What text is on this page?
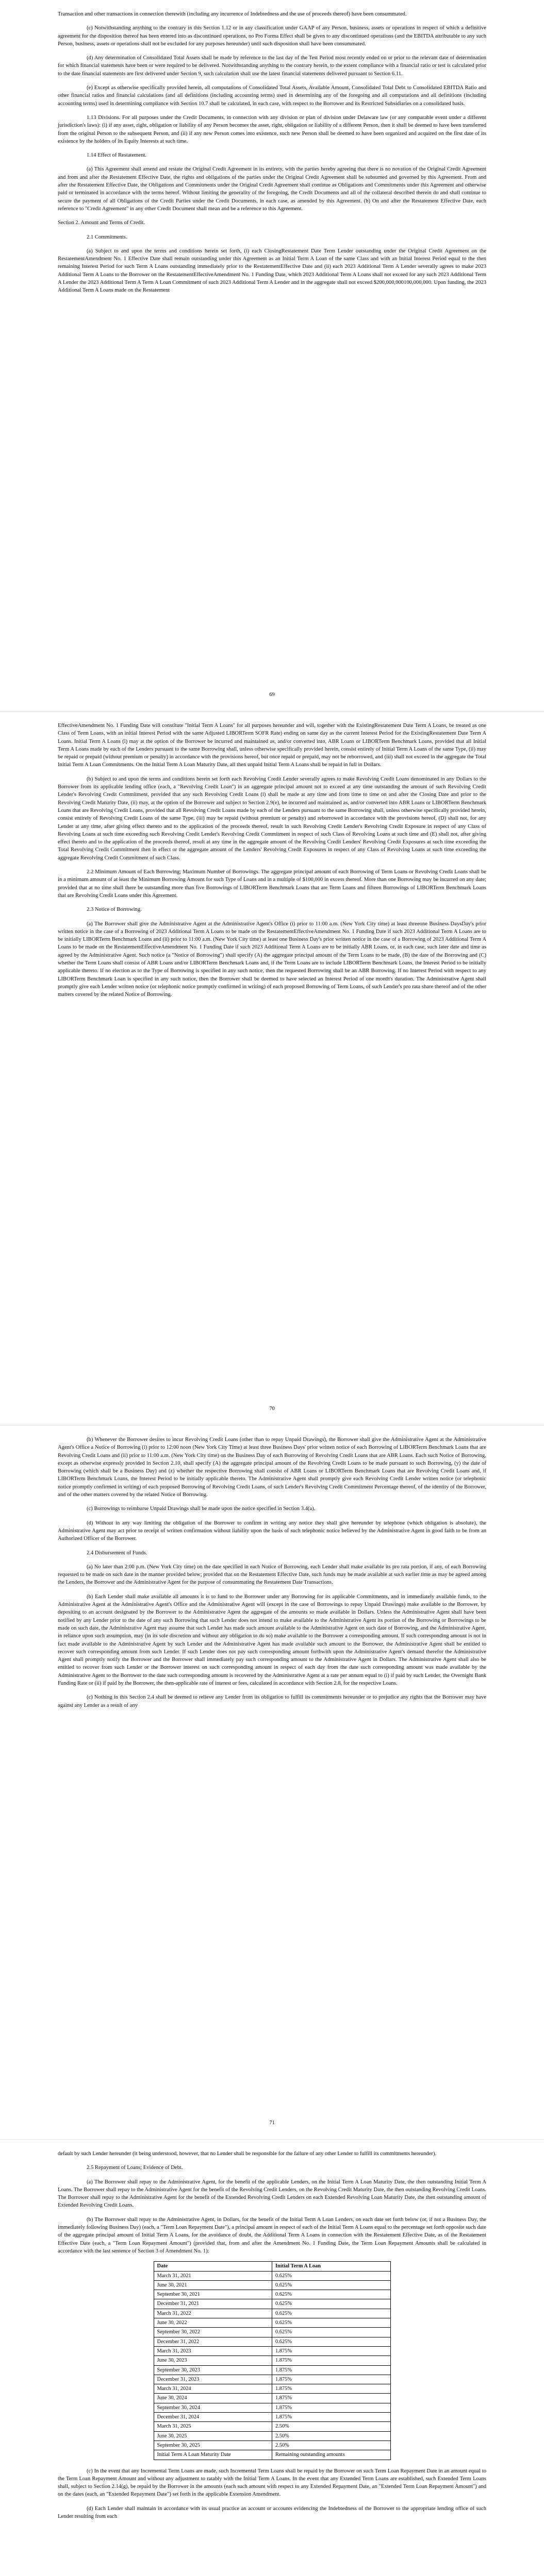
Transaction and other transactions in connection therewith (including any incurrence of Indebtedness and the use of proceeds thereof) have been consummated.

(c) Notwithstanding anything to the contrary in this Section 1.12 or in any classification under GAAP of any Person, business, assets or operations in respect of which a definitive agreement for the disposition thereof has been entered into as discontinued operations, no Pro Forma Effect shall be given to any discontinued operations (and the EBITDA attributable to any such Person, business, assets or operations shall not be excluded for any purposes hereunder) until such disposition shall have been consummated.

(d) Any determination of Consolidated Total Assets shall be made by reference to the last day of the Test Period most recently ended on or prior to the relevant date of determination for which financial statements have been or were required to be delivered. Notwithstanding anything to the contrary herein, to the extent compliance with a financial ratio or test is calculated prior to the date financial statements are first delivered under Section 9, such calculation shall use the latest financial statements delivered pursuant to Section 6.11.

(e) Except as otherwise specifically provided herein, all computations of Consolidated Total Assets, Available Amount, Consolidated Total Debt to Consolidated EBITDA Ratio and other financial ratios and financial calculations (and all definitions (including accounting terms) used in determining any of the foregoing and all computations and all definitions (including accounting terms) used in determining compliance with Section 10.7 shall be calculated, in each case, with respect to the Borrower and its Restricted Subsidiaries on a consolidated basis.

1.13 Divisions. For all purposes under the Credit Documents, in connection with any division or plan of division under Delaware law (or any comparable event under a different jurisdiction's laws): (i) if any asset, right, obligation or liability of any Person becomes the asset, right, obligation or liability of a different Person, then it shall be deemed to have been transferred from the original Person to the subsequent Person, and (ii) if any new Person comes into existence, such new Person shall be deemed to have been organized and acquired on the first date of its existence by the holders of its Equity Interests at such time.

1.14 Effect of Restatement.

(a) This Agreement shall amend and restate the Original Credit Agreement in its entirety, with the parties hereby agreeing that there is no novation of the Original Credit Agreement and from and after the Restatement Effective Date, the rights and obligations of the parties under the Original Credit Agreement shall be subsumed and governed by this Agreement. From and after the Restatement Effective Date, the Obligations and Commitments under the Original Credit Agreement shall continue as Obligations and Commitments under this Agreement and otherwise paid or terminated in accordance with the terms hereof. Without limiting the generality of the foregoing, the Credit Documents and all of the collateral described therein do and shall continue to secure the payment of all Obligations of the Credit Parties under the Credit Documents, in each case, as amended by this Agreement. (b) On and after the Restatement Effective Date, each reference to "Credit Agreement" in any other Credit Document shall mean and be a reference to this Agreement.

Section 2. Amount and Terms of Credit.

2.1 Commitments.

(a) Subject to and upon the terms and conditions herein set forth, (i) each ClosingRestatement Date Term Lender outstanding under the Original Credit Agreement on the RestatementAmendment No. 1 Effective Date shall remain outstanding under this Agreement as an Initial Term A Loan of the same Class and with an Initial Interest Period equal to the then remaining Interest Period for such Term A Loans outstanding immediately prior to the RestatementEffective Date and (ii) each 2023 Additional Term A Lender severally agrees to make 2023 Additional Term A Loans to the Borrower on the RestatementEffectiveAmendment No. 1 Funding Date, which 2023 Additional Term A Loans shall not exceed for any such 2023 Additional Term A Lender the 2023 Additional Term A Term A Loan Commitment of such 2023 Additional Term A Lender and in the aggregate shall not exceed $200,000,000100,000,000. Upon funding, the 2023 Additional Term A Loans made on the Restatement

69

EffectiveAmendment No. 1 Funding Date will constitute "Initial Term A Loans" for all purposes hereunder and will, together with the ExistingRestatement Date Term A Loans, be treated as one Class of Term Loans, with an initial Interest Period with the same Adjusted LIBORTerm SOFR Rate) ending on same day as the current Interest Period for the ExistingRestatement Date Term A Loans. Initial Term A Loans (i) may at the option of the Borrower be incurred and maintained as, and/or converted into, ABR Loans or LIBORTerm Benchmark Loans, provided that all Initial Term A Loans made by each of the Lenders pursuant to the same Borrowing shall, unless otherwise specifically provided herein, consist entirely of Initial Term A Loans of the same Type, (ii) may be repaid or prepaid (without premium or penalty) in accordance with the provisions hereof, but once repaid or prepaid, may not be reborrowed, and (iii) shall not exceed in the aggregate the Total Initial Term A Loan Commitments. On the Initial Term A Loan Maturity Date, all then unpaid Initial Term A Loans shall be repaid in full in Dollars.

(b) Subject to and upon the terms and conditions herein set forth each Revolving Credit Lender severally agrees to make Revolving Credit Loans denominated in any Dollars to the Borrower from its applicable lending office (each, a "Revolving Credit Loan") in an aggregate principal amount not to exceed at any time outstanding the amount of such Revolving Credit Lender's Revolving Credit Commitment, provided that any such Revolving Credit Loans (i) shall be made at any time and from time to time on and after the Closing Date and prior to the Revolving Credit Maturity Date, (ii) may, at the option of the Borrower and subject to Section 2.9(e), be incurred and maintained as, and/or converted into ABR Loans or LIBORTerm Benchmark Loans that are Revolving Credit Loans, provided that all Revolving Credit Loans made by each of the Lenders pursuant to the same Borrowing shall, unless otherwise specifically provided herein, consist entirely of Revolving Credit Loans of the same Type, (iii) may be repaid (without premium or penalty) and reborrowed in accordance with the provisions hereof, (D) shall not, for any Lender at any time, after giving effect thereto and to the application of the proceeds thereof, result in such Revolving Credit Lender's Revolving Credit Exposure in respect of any Class of Revolving Loans at such time exceeding such Revolving Credit Lender's Revolving Credit Commitment in respect of such Class of Revolving Loans at such time and (E) shall not, after giving effect thereto and to the application of the proceeds thereof, result at any time in the aggregate amount of the Revolving Credit Lenders' Revolving Credit Exposures at such time exceeding the Total Revolving Credit Commitment then in effect or the aggregate amount of the Lenders' Revolving Credit Exposures in respect of any Class of Revolving Loans at such time exceeding the aggregate Revolving Credit Commitment of such Class.

2.2 Minimum Amount of Each Borrowing; Maximum Number of Borrowings. The aggregate principal amount of each Borrowing of Term Loans or Revolving Credit Loans shall be in a minimum amount of at least the Minimum Borrowing Amount for such Type of Loans and in a multiple of $100,000 in excess thereof. More than one Borrowing may be incurred on any date; provided that at no time shall there be outstanding more than five Borrowings of LIBORTerm Benchmark Loans that are Term Loans and fifteen Borrowings of LIBORTerm Benchmark Loans that are Revolving Credit Loans under this Agreement.

2.3 Notice of Borrowing.

(a) The Borrower shall give the Administrative Agent at the Administrative Agent's Office (i) prior to 11:00 a.m. (New York City time) at least threeone Business DaysDay's prior written notice in the case of a Borrowing of 2023 Additional Term A Loans to be made on the RestatementEffectiveAmendment No. 1 Funding Date if such 2023 Additional Term A Loans are to be initially LIBORTerm Benchmark Loans and (ii) prior to 11:00 a.m. (New York City time) at least one Business Day's prior written notice in the case of a Borrowing of 2023 Additional Term A Loans to be made on the RestatementEffectiveAmendment No. 1 Funding Date if such 2023 Additional Term A Loans are to be initially ABR Loans, or, in each case, such later date and time as agreed by the Administrative Agent. Such notice (a "Notice of Borrowing") shall specify (A) the aggregate principal amount of the Term Loans to be made, (B) the date of the Borrowing and (C) whether the Term Loans shall consist of ABR Loans and/or LIBORTerm Benchmark Loans and, if the Term Loans are to include LIBORTerm Benchmark Loans, the Interest Period to be initially applicable thereto. If no election as to the Type of Borrowing is specified in any such notice, then the requested Borrowing shall be an ABR Borrowing. If no Interest Period with respect to any LIBORTerm Benchmark Loan is specified in any such notice, then the Borrower shall be deemed to have selected an Interest Period of one month's duration. The Administrative Agent shall promptly give each Lender written notice (or telephonic notice promptly confirmed in writing) of each proposed Borrowing of Term Loans, of such Lender's pro rata share thereof and of the other matters covered by the related Notice of Borrowing.

70

(b) Whenever the Borrower desires to incur Revolving Credit Loans (other than to repay Unpaid Drawings), the Borrower shall give the Administrative Agent at the Administrative Agent's Office a Notice of Borrowing (i) prior to 12:00 noon (New York City Time) at least three Business Days' prior written notice of each Borrowing of LIBORTerm Benchmark Loans that are Revolving Credit Loans and (ii) prior to 11:00 a.m. (New York City time) on the Business Day of each Borrowing of Revolving Credit Loans that are ABR Loans. Each such Notice of Borrowing, except as otherwise expressly provided in Section 2.10, shall specify (A) the aggregate principal amount of the Revolving Credit Loans to be made pursuant to such Borrowing, (y) the date of Borrowing (which shall be a Business Day) and (z) whether the respective Borrowing shall consist of ABR Loans or LIBORTerm Benchmark Loans that are Revolving Credit Loans and, if LIBORTerm Benchmark Loans, the Interest Period to be initially applicable thereto. The Administrative Agent shall promptly give each Revolving Credit Lender written notice (or telephonic notice promptly confirmed in writing) of each proposed Borrowing of Revolving Credit Loans, of such Lender's Revolving Credit Commitment Percentage thereof, of the identity of the Borrower, and of the other matters covered by the related Notice of Borrowing.

(c) Borrowings to reimburse Unpaid Drawings shall be made upon the notice specified in Section 3.4(a).

(d) Without in any way limiting the obligation of the Borrower to confirm in writing any notice they shall give hereunder by telephone (which obligation is absolute), the Administrative Agent may act prior to receipt of written confirmation without liability upon the basis of such telephonic notice believed by the Administrative Agent in good faith to be from an Authorized Officer of the Borrower.

2.4 Disbursement of Funds.

(a) No later than 2:00 p.m. (New York City time) on the date specified in each Notice of Borrowing, each Lender shall make available its pro rata portion, if any, of each Borrowing requested to be made on such date in the manner provided below; provided that on the Restatement Effective Date, such funds may be made available at such earlier time as may be agreed among the Lenders, the Borrower and the Administrative Agent for the purpose of consummating the Restatement Date Transactions.

(b) Each Lender shall make available all amounts it is to fund to the Borrower under any Borrowing for its applicable Commitments, and in immediately available funds, to the Administrative Agent at the Administrative Agent's Office and the Administrative Agent will (except in the case of Borrowings to repay Unpaid Drawings) make available to the Borrower, by depositing to an account designated by the Borrower to the Administrative Agent the aggregate of the amounts so made available in Dollars. Unless the Administrative Agent shall have been notified by any Lender prior to the date of any such Borrowing that such Lender does not intend to make available to the Administrative Agent its portion of the Borrowing or Borrowings to be made on such date, the Administrative Agent may assume that such Lender has made such amount available to the Administrative Agent on such date of Borrowing, and the Administrative Agent, in reliance upon such assumption, may (in its sole discretion and without any obligation to do so) make available to the Borrower a corresponding amount. If such corresponding amount is not in fact made available to the Administrative Agent by such Lender and the Administrative Agent has made available such amount to the Borrower, the Administrative Agent shall be entitled to recover such corresponding amount from such Lender. If such Lender does not pay such corresponding amount forthwith upon the Administrative Agent's demand therefor the Administrative Agent shall promptly notify the Borrower and the Borrower shall immediately pay such corresponding amount to the Administrative Agent in Dollars. The Administrative Agent shall also be entitled to recover from such Lender or the Borrower interest on such corresponding amount in respect of each day from the date such corresponding amount was made available by the Administrative Agent to the Borrower to the date such corresponding amount is recovered by the Administrative Agent at a rate per annum equal to (i) if paid by such Lender, the Overnight Bank Funding Rate or (ii) if paid by the Borrower, the then-applicable rate of interest or fees, calculated in accordance with Section 2.8, for the respective Loans.

(c) Nothing in this Section 2.4 shall be deemed to relieve any Lender from its obligation to fulfill its commitments hereunder or to prejudice any rights that the Borrower may have against any Lender as a result of any

71

default by such Lender hereunder (it being understood, however, that no Lender shall be responsible for the failure of any other Lender to fulfill its commitments hereunder).

2.5 Repayment of Loans; Evidence of Debt.

(a) The Borrower shall repay to the Administrative Agent, for the benefit of the applicable Lenders, on the Initial Term A Loan Maturity Date, the then outstanding Initial Term A Loans. The Borrower shall repay to the Administrative Agent for the benefit of the Revolving Credit Lenders, on the Revolving Credit Maturity Date, the then outstanding Revolving Credit Loans. The Borrower shall repay to the Administrative Agent for the benefit of the Extended Revolving Credit Lenders on each Extended Revolving Loan Maturity Date, the then outstanding amount of Extended Revolving Credit Loans.

(b) The Borrower shall repay to the Administrative Agent, in Dollars, for the benefit of the Initial Term A Loan Lenders, on each date set forth below (or, if not a Business Day, the immediately following Business Day) (each, a "Term Loan Repayment Date"), a principal amount in respect of each of the Initial Term A Loans equal to the percentage set forth opposite such date of the aggregate principal amount of Initial Term A Loans, for the avoidance of doubt, the Additional Term A Loans in connection with the Restatement Effective Date, as of the Restatement Effective Date (each, a "Term Loan Repayment Amount") (provided that, from and after the Amendment No. 1 Funding Date, the Term Loan Repayment Amounts shall be calculated in accordance with the last sentence of Section 3 of Amendment No. 1):

Date	Initial Term A Loan
March 31, 2021	0.625%
June 30, 2021	0.625%
September 30, 2021	0.625%
December 31, 2021	0.625%
March 31, 2022	0.625%
June 30, 2022	0.625%
September 30, 2022	0.625%
December 31, 2022	0.625%
March 31, 2023	1.875%
June 30, 2023	1.875%
September 30, 2023	1.875%
December 31, 2023	1.875%
March 31, 2024	1.875%
June 30, 2024	1.875%
September 30, 2024	1.875%
December 31, 2024	1.875%
March 31, 2025	2.50%
June 30, 2025	2.50%
September 30, 2025	2.50%
Initial Term A Loan Maturity Date	Remaining outstanding amounts

(c) In the event that any Incremental Term Loans are made, such Incremental Term Loans shall be repaid by the Borrower on such Term Loan Repayment Date in an amount equal to the Term Loan Repayment Amount and without any adjustment to ratably with the Initial Term A Loans. In the event that any Extended Term Loans are established, such Extended Term Loans shall, subject to Section 2.14(g), be repaid by the Borrower in the amounts (each such amount with respect to any Extended Repayment Date, an "Extended Term Loan Repayment Amount") and on the dates (each, an "Extended Repayment Date") set forth in the applicable Extension Amendment.

(d) Each Lender shall maintain in accordance with its usual practice an account or accounts evidencing the Indebtedness of the Borrower to the appropriate lending office of such Lender resulting from each
